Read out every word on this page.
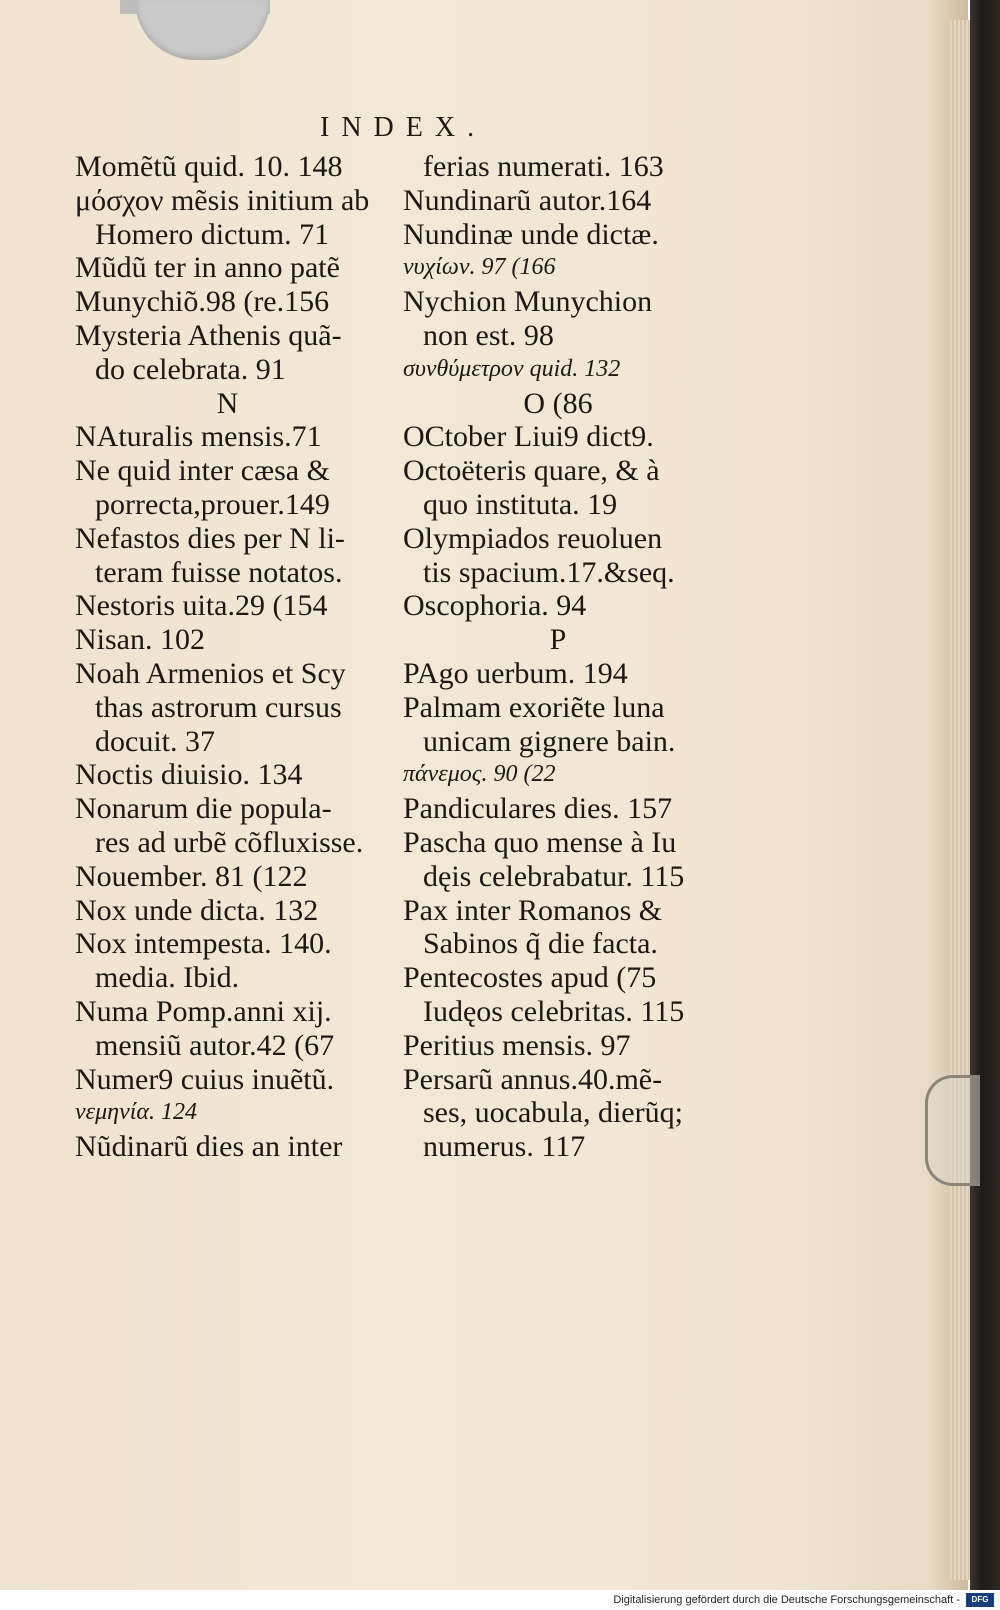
INDEX.
Momẽtũ quid. 10. 148
μόσχον mẽsis initium ab
Homero dictum. 71
Mũdũ ter in anno patẽ
Munychiõ.98 (re.156
Mysteria Athenis quã-
do celebrata. 91
N
NAturalis mensis.71
Ne quid inter cæsa &
porrecta,prouer.149
Nefastos dies per N li-
teram fuisse notatos.
Nestoris uita.29 (154
Nisan. 102
Noah Armenios et Scy
thas astrorum cursus
docuit. 37
Noctis diuisio. 134
Nonarum die popula-
res ad urbẽ cõfluxisse.
Nouember. 81 (122
Nox unde dicta. 132
Nox intempesta. 140.
media. Ibid.
Numa Pomp.anni xij.
mensiũ autor.42 (67
Numer9 cuius inuẽtũ.
νεμηνία. 124
Nũdinarũ dies an inter
ferias numerati. 163
Nundinarũ autor.164
Nundinæ unde dictæ.
νυχίων. 97 (166
Nychion Munychion
non est. 98
συνθύμετρον quid. 132
O (86
OCtober Liui9 dict9.
Octoëteris quare, & à
quo instituta. 19
Olympiados reuoluen
tis spacium.17.&seq.
Oscophoria. 94
P
PAgo uerbum. 194
Palmam exoriẽte luna
unicam gignere bain.
πάνεμος. 90 (22
Pandiculares dies. 157
Pascha quo mense à Iu
dęis celebrabatur. 115
Pax inter Romanos &
Sabinos q̃ die facta.
Pentecostes apud (75
Iudęos celebritas. 115
Peritius mensis. 97
Persarũ annus.40.mẽ-
ses, uocabula, dierũq;
numerus. 117
Digitalisierung gefördert durch die Deutsche Forschungsgemeinschaft -	DFG
